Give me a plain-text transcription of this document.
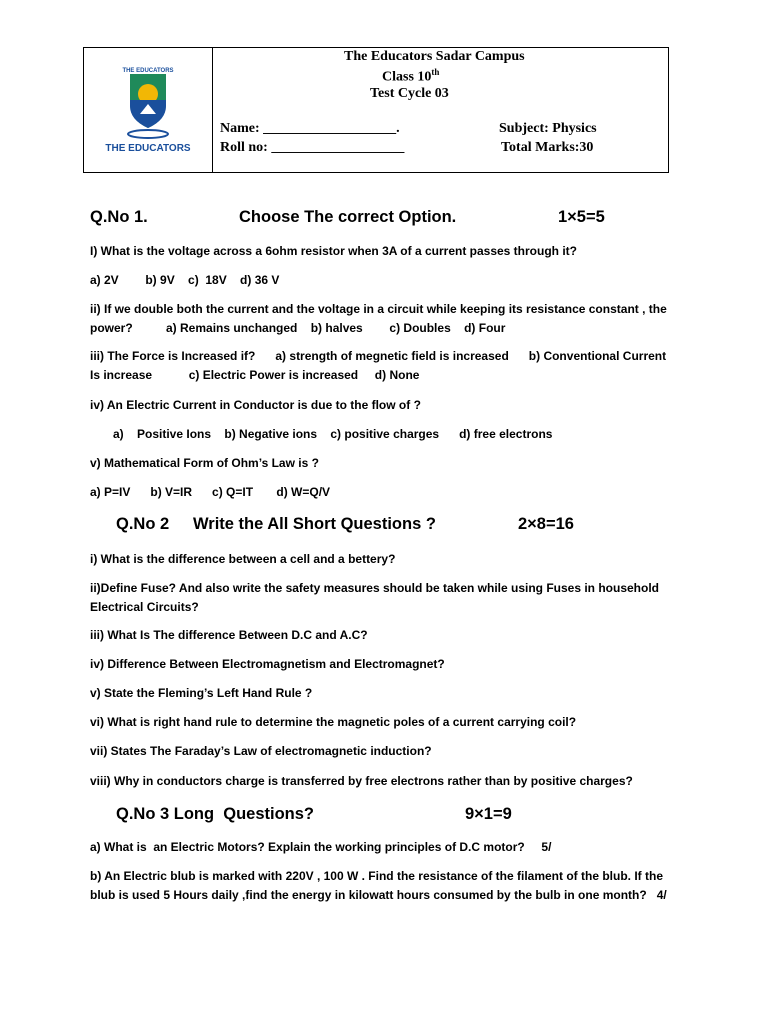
THE EDUCATORS
THE EDUCATORS
The Educators Sadar Campus
Class 10th
Test Cycle 03
Name: ___________________.
Roll no: ___________________
Subject: Physics
Total Marks:30
Q.No 1.	Choose The correct Option.	1×5=5
I) What is the voltage across a 6ohm resistor when 3A of a current passes through it?
a) 2V        b) 9V    c)  18V    d) 36 V
ii) If we double both the current and the voltage in a circuit while keeping its resistance constant , the power?          a) Remains unchanged    b) halves        c) Doubles    d) Four
iii) The Force is Increased if?      a) strength of megnetic field is increased      b) Conventional Current Is increase           c) Electric Power is increased     d) None
iv) An Electric Current in Conductor is due to the flow of ?
a)    Positive Ions    b) Negative ions    c) positive charges      d) free electrons
v) Mathematical Form of Ohm’s Law is ?
a) P=IV      b) V=IR      c) Q=IT       d) W=Q/V
Q.No 2 Write the All Short Questions ?	2×8=16
i) What is the difference between a cell and a bettery?
ii)Define Fuse? And also write the safety measures should be taken while using Fuses in household Electrical Circuits?
iii) What Is The difference Between D.C and A.C?
iv) Difference Between Electromagnetism and Electromagnet?
v) State the Fleming’s Left Hand Rule ?
vi) What is right hand rule to determine the magnetic poles of a current carrying coil?
vii) States The Faraday’s Law of electromagnetic induction?
viii) Why in conductors charge is transferred by free electrons rather than by positive charges?
Q.No 3 Long  Questions?	9×1=9
a) What is  an Electric Motors? Explain the working principles of D.C motor?     5/
b) An Electric blub is marked with 220V , 100 W . Find the resistance of the filament of the blub. If the blub is used 5 Hours daily ,find the energy in kilowatt hours consumed by the bulb in one month?   4/
